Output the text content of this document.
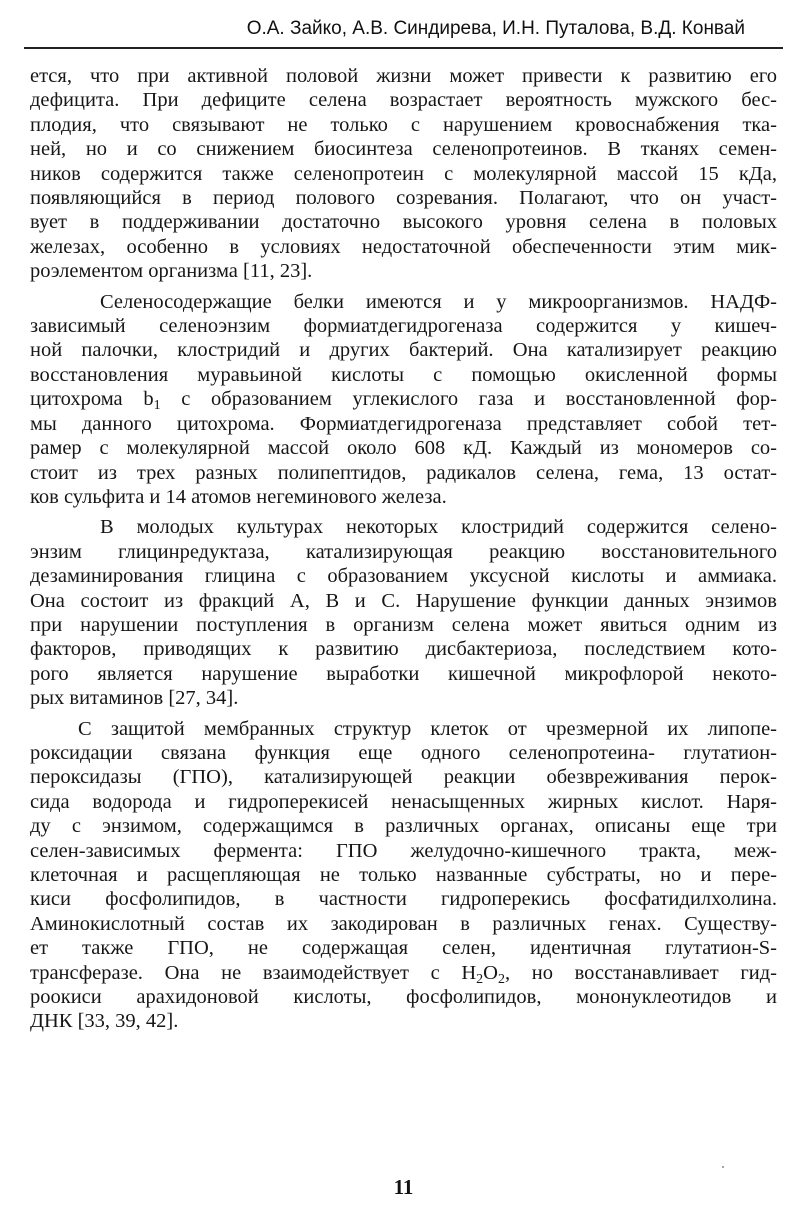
О.А. Зайко, А.В. Синдирева, И.Н. Путалова, В.Д. Конвай

ется, что при активной половой жизни может привести к развитию его
дефицита. При дефиците селена возрастает вероятность мужского бес-
плодия, что связывают не только с нарушением кровоснабжения тка-
ней, но и со снижением биосинтеза селенопротеинов. В тканях семен-
ников содержится также селенопротеин с молекулярной массой 15 кДа,
появляющийся в период полового созревания. Полагают, что он участ-
вует в поддерживании достаточно высокого уровня селена в половых
железах, особенно в условиях недостаточной обеспеченности этим мик-
роэлементом организма [11, 23].

Селеносодержащие белки имеются и у микроорганизмов. НАДФ-
зависимый селеноэнзим формиатдегидрогеназа содержится у кишеч-
ной палочки, клостридий и других бактерий. Она катализирует реакцию
восстановления муравьиной кислоты с помощью окисленной формы
цитохрома $b_1$ с образованием углекислого газа и восстановленной фор-
мы данного цитохрома. Формиатдегидрогеназа представляет собой тет-
рамер с молекулярной массой около 608 кД. Каждый из мономеров со-
стоит из трех разных полипептидов, радикалов селена, гема, 13 остат-
ков сульфита и 14 атомов негеминового железа.

В молодых культурах некоторых клостридий содержится селено-
энзим глицинредуктаза, катализирующая реакцию восстановительного
дезаминирования глицина с образованием уксусной кислоты и аммиака.
Она состоит из фракций А, В и С. Нарушение функции данных энзимов
при нарушении поступления в организм селена может явиться одним из
факторов, приводящих к развитию дисбактериоза, последствием кото-
рого является нарушение выработки кишечной микрофлорой некото-
рых витаминов [27, 34].

С защитой мембранных структур клеток от чрезмерной их липопе-
роксидации связана функция еще одного селенопротеина- глутатион-
пероксидазы (ГПО), катализирующей реакции обезвреживания перок-
сида водорода и гидроперекисей ненасыщенных жирных кислот. Наря-
ду с энзимом, содержащимся в различных органах, описаны еще три
селен-зависимых фермента: ГПО желудочно-кишечного тракта, меж-
клеточная и расщепляющая не только названные субстраты, но и пере-
киси фосфолипидов, в частности гидроперекись фосфатидилхолина.
Аминокислотный состав их закодирован в различных генах. Существу-
ет также ГПО, не содержащая селен, идентичная глутатион-S-
трансферазе. Она не взаимодействует с $H_2O_2$, но восстанавливает гид-
роокиси арахидоновой кислоты, фосфолипидов, мононуклеотидов и
ДНК [33, 39, 42].

11
